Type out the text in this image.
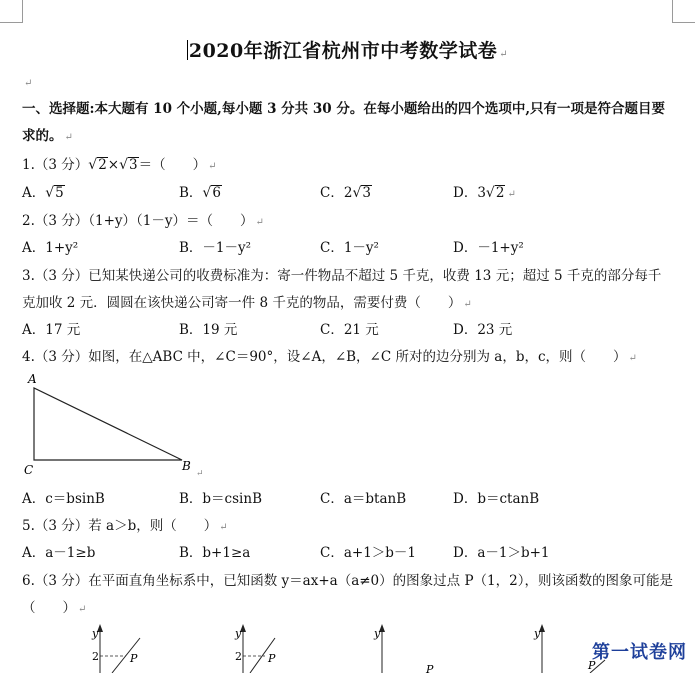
2020年浙江省杭州市中考数学试卷 ↵
↵
一、选择题:本大题有 10 个小题,每小题 3 分共 30 分。在每小题给出的四个选项中,只有一项是符合题目要
求的。 ↵
1.（3 分）√2×√3＝（　　） ↵
A．√5	B．√6	C．2√3	D．3√2 ↵
2.（3 分）（1+y）（1－y）＝（　　） ↵
A．1+y²	B．－1－y²	C．1－y²	D．－1+y²
3.（3 分）已知某快递公司的收费标准为：寄一件物品不超过 5 千克，收费 13 元；超过 5 千克的部分每千
克加收 2 元．圆圆在该快递公司寄一件 8 千克的物品，需要付费（　　） ↵
A．17 元	B．19 元	C．21 元	D．23 元
4.（3 分）如图，在△ABC 中，∠C＝90°，设∠A，∠B，∠C 所对的边分别为 a，b，c，则（　　） ↵
A
C	B
↵
A．c＝bsinB	B．b＝csinB	C．a＝btanB	D．b＝ctanB
5.（3 分）若 a＞b，则（　　） ↵
A．a－1≥b	B．b+1≥a	C．a+1＞b－1	D．a－1＞b+1
6.（3 分）在平面直角坐标系中，已知函数 y＝ax+a（a≠0）的图象过点 P（1，2），则该函数的图象可能是
（　　） ↵
y
2	P
y
2 P
y
P
y
P
第一试卷网
